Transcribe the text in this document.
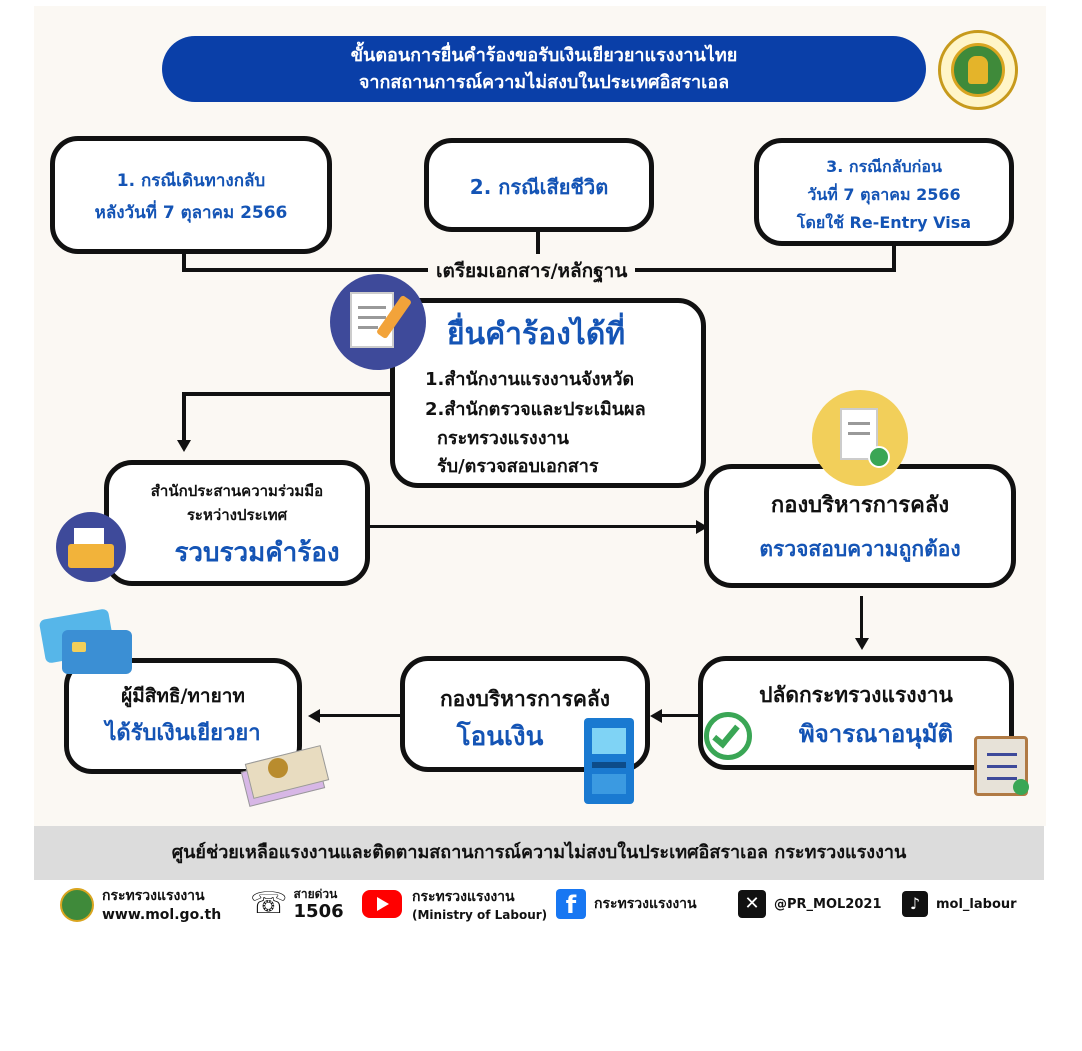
ขั้นตอนการยื่นคำร้องขอรับเงินเยียวยาแรงงานไทย
จากสถานการณ์ความไม่สงบในประเทศอิสราเอล
1. กรณีเดินทางกลับ
หลังวันที่ 7 ตุลาคม 2566
2. กรณีเสียชีวิต
3. กรณีกลับก่อน
วันที่ 7 ตุลาคม 2566
โดยใช้ Re-Entry Visa
เตรียมเอกสาร/หลักฐาน
ยื่นคำร้องได้ที่
1.สำนักงานแรงงานจังหวัด
2.สำนักตรวจและประเมินผล
กระทรวงแรงงาน
รับ/ตรวจสอบเอกสาร
สำนักประสานความร่วมมือ
ระหว่างประเทศ
รวบรวมคำร้อง
กองบริหารการคลัง
ตรวจสอบความถูกต้อง
ปลัดกระทรวงแรงงาน
พิจารณาอนุมัติ
กองบริหารการคลัง
โอนเงิน
ผู้มีสิทธิ/ทายาท
ได้รับเงินเยียวยา
ศูนย์ช่วยเหลือแรงงานและติดตามสถานการณ์ความไม่สงบในประเทศอิสราเอล กระทรวงแรงงาน
กระทรวงแรงงาน
www.mol.go.th ☏ สายด่วน
1506
กระทรวงแรงงาน
(Ministry of Labour) f	กระทรวงแรงงาน	✕	@PR_MOL2021	♪	mol_labour
